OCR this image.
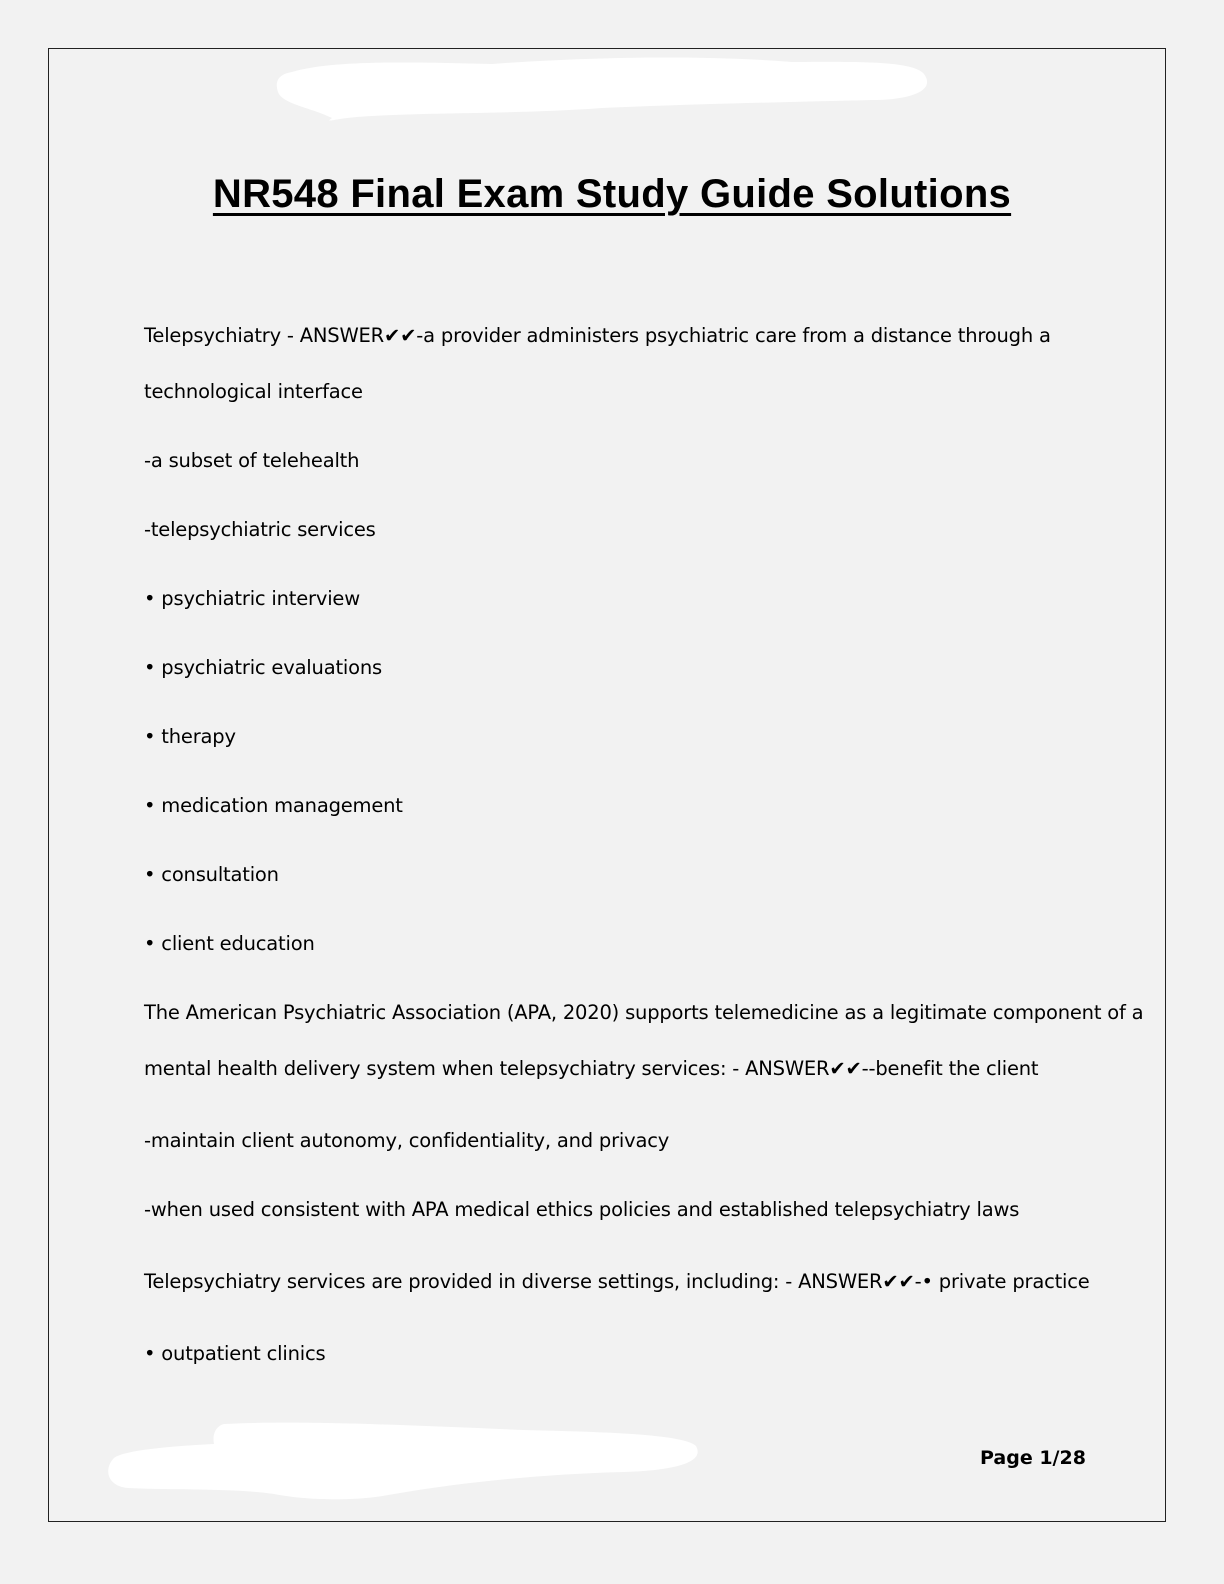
NR548 Final Exam Study Guide Solutions

Telepsychiatry - ANSWER✔✔-a provider administers psychiatric care from a distance through a

technological interface

-a subset of telehealth

-telepsychiatric services

• psychiatric interview

• psychiatric evaluations

• therapy

• medication management

• consultation

• client education

The American Psychiatric Association (APA, 2020) supports telemedicine as a legitimate component of a

mental health delivery system when telepsychiatry services: - ANSWER✔✔--benefit the client

-maintain client autonomy, confidentiality, and privacy

-when used consistent with APA medical ethics policies and established telepsychiatry laws

Telepsychiatry services are provided in diverse settings, including: - ANSWER✔✔-• private practice

• outpatient clinics

Page 1/28
